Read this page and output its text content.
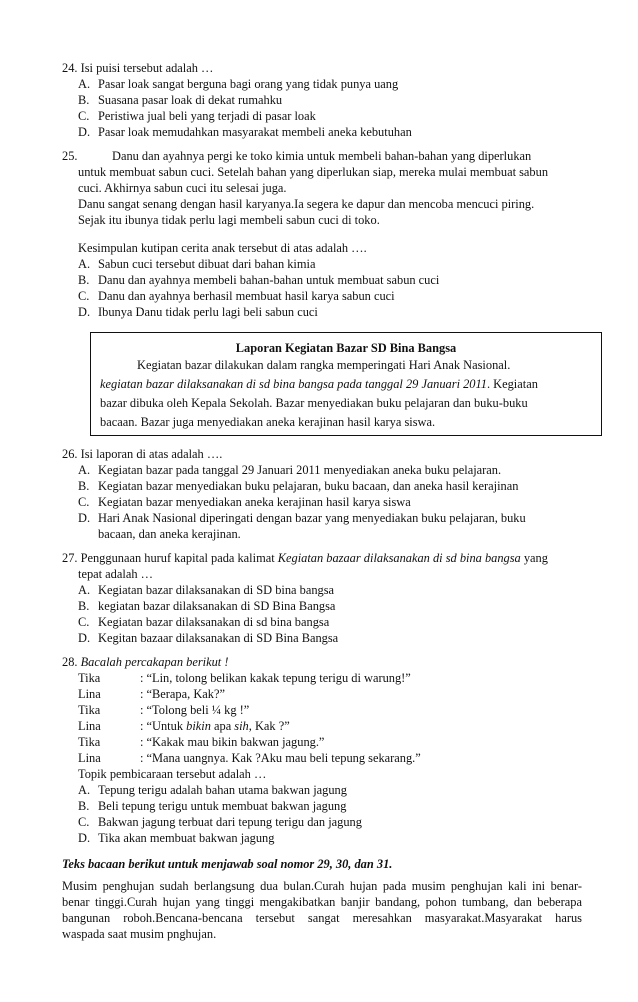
24. Isi puisi tersebut adalah …
A. Pasar loak sangat berguna bagi orang yang tidak punya uang
B. Suasana pasar loak di dekat rumahku
C. Peristiwa jual beli yang terjadi di pasar loak
D. Pasar loak memudahkan masyarakat membeli aneka kebutuhan
25.	Danu dan ayahnya pergi ke toko kimia untuk membeli bahan-bahan yang diperlukan
untuk membuat sabun cuci. Setelah bahan yang diperlukan siap, mereka mulai membuat sabun
cuci. Akhirnya sabun cuci itu selesai juga.
Danu sangat senang dengan hasil karyanya.Ia segera ke dapur dan mencoba mencuci piring.
Sejak itu ibunya tidak perlu lagi membeli sabun cuci di toko.
Kesimpulan kutipan cerita anak tersebut di atas adalah ….
A. Sabun cuci tersebut dibuat dari bahan kimia
B. Danu dan ayahnya membeli bahan-bahan untuk membuat sabun cuci
C. Danu dan ayahnya berhasil membuat hasil karya sabun cuci
D. Ibunya Danu tidak perlu lagi beli sabun cuci
Laporan Kegiatan Bazar SD Bina Bangsa
Kegiatan bazar dilakukan dalam rangka memperingati Hari Anak Nasional.
kegiatan bazar dilaksanakan di sd bina bangsa pada tanggal 29 Januari 2011. Kegiatan
bazar dibuka oleh Kepala Sekolah. Bazar menyediakan buku pelajaran dan buku-buku
bacaan. Bazar juga menyediakan aneka kerajinan hasil karya siswa.
26. Isi laporan di atas adalah ….
A. Kegiatan bazar pada tanggal 29 Januari 2011 menyediakan aneka buku pelajaran.
B. Kegiatan bazar menyediakan buku pelajaran, buku bacaan, dan aneka hasil kerajinan
C. Kegiatan bazar menyediakan aneka kerajinan hasil karya siswa
D. Hari Anak Nasional diperingati dengan bazar yang menyediakan buku pelajaran, buku
bacaan, dan aneka kerajinan.
27. Penggunaan huruf kapital pada kalimat Kegiatan bazaar dilaksanakan di sd bina bangsa yang
tepat adalah …
A. Kegiatan bazar dilaksanakan di SD bina bangsa
B. kegiatan bazar dilaksanakan di SD Bina Bangsa
C. Kegiatan bazar dilaksanakan di sd bina bangsa
D. Kegitan bazaar dilaksanakan di SD Bina Bangsa
28. Bacalah percakapan berikut !
Tika	: “Lin, tolong belikan kakak tepung terigu di warung!”
Lina	: “Berapa, Kak?”
Tika	: “Tolong beli ¼ kg !”
Lina	: “Untuk bikin apa sih, Kak ?”
Tika	: “Kakak mau bikin bakwan jagung.”
Lina	: “Mana uangnya. Kak ?Aku mau beli tepung sekarang.”
Topik pembicaraan tersebut adalah …
A. Tepung terigu adalah bahan utama bakwan jagung
B. Beli tepung terigu untuk membuat bakwan jagung
C. Bakwan jagung terbuat dari tepung terigu dan jagung
D. Tika akan membuat bakwan jagung
Teks bacaan berikut untuk menjawab soal nomor 29, 30, dan 31.
Musim penghujan sudah berlangsung dua bulan.Curah hujan pada musim penghujan kali ini benar-
benar tinggi.Curah hujan yang tinggi mengakibatkan banjir bandang, pohon tumbang, dan beberapa
bangunan roboh.Bencana-bencana tersebut sangat meresahkan masyarakat.Masyarakat harus
waspada saat musim pnghujan.
